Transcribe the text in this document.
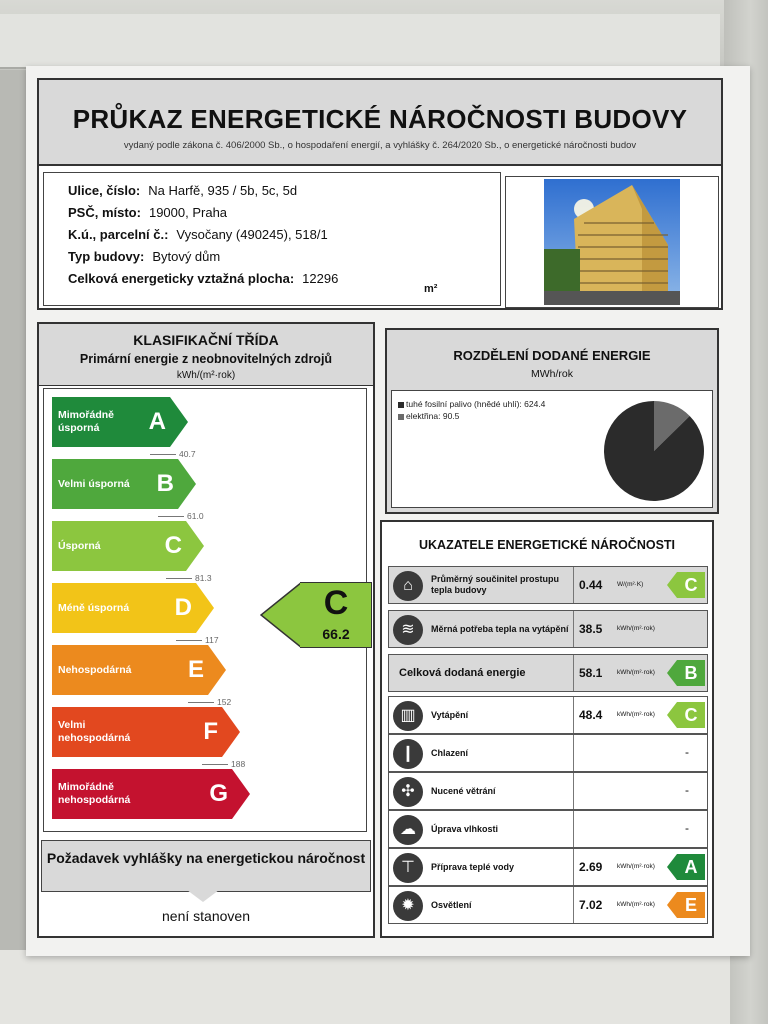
PRŮKAZ ENERGETICKÉ NÁROČNOSTI BUDOVY
vydaný podle zákona č. 406/2000 Sb., o hospodaření energií, a vyhlášky č. 264/2020 Sb., o energetické náročnosti budov
Ulice, číslo: Na Harfě, 935 / 5b, 5c, 5d
PSČ, místo: 19000, Praha
K.ú., parcelní č.: Vysočany (490245), 518/1
Typ budovy: Bytový dům
Celková energeticky vztažná plocha: 12296
m²
KLASIFIKAČNÍ TŘÍDA
Primární energie z neobnovitelných zdrojů
kWh/(m²·rok)
C
66.2
Mimořádně úsporná	A
40.7
Velmi úsporná	B
61.0
Úsporná	C
81.3
Méně úsporná	D
117
Nehospodárná	E
152
Velmi nehospodárná	F
188
Mimořádně nehospodárná	G
Požadavek vyhlášky na energetickou náročnost
není stanoven
ROZDĚLENÍ DODANÉ ENERGIE
MWh/rok
tuhé fosilní palivo (hnědé uhlí): 624.4
elektřina: 90.5
UKAZATELE ENERGETICKÉ NÁROČNOSTI
⌂	Průměrný součinitel prostupu tepla budovy	0.44 W/(m²·K)	C
≋	Měrná potřeba tepla na vytápění 38.5 kWh/(m²·rok)
Celková dodaná energie	58.1 kWh/(m²·rok)	B
▥	Vytápění	48.4 kWh/(m²·rok)	C
❙	Chlazení	-
✣	Nucené větrání	-
☁	Úprava vlhkosti	-
⊤	Příprava teplé vody	2.69 kWh/(m²·rok)	A
✹	Osvětlení	7.02 kWh/(m²·rok)	E
